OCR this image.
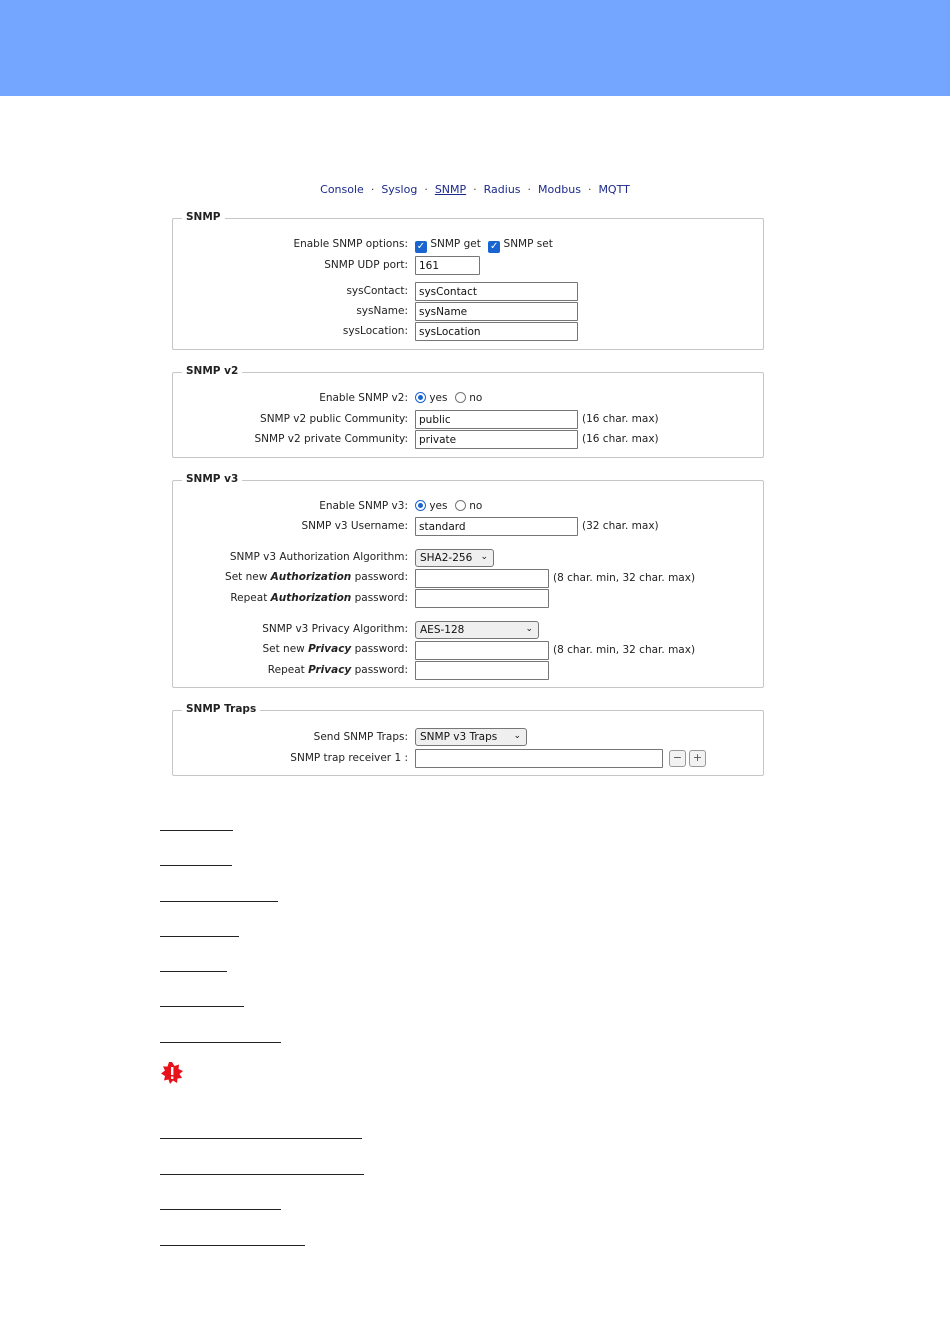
Console · Syslog · SNMP · Radius · Modbus · MQTT
SNMP
Enable SNMP options: ✓ SNMP get ✓ SNMP set
SNMP UDP port:	161
sysContact:	sysContact
sysName:	sysName
sysLocation:	sysLocation
SNMP v2
Enable SNMP v2:	yes no
SNMP v2 public Community:	public	(16 char. max)
SNMP v2 private Community:	private	(16 char. max)
SNMP v3
Enable SNMP v3:	yes no
SNMP v3 Username:	standard	(32 char. max)
SNMP v3 Authorization Algorithm:	SHA2-256 ⌄
Set new Authorization password:	(8 char. min, 32 char. max)
Repeat Authorization password:
SNMP v3 Privacy Algorithm:	AES-128	⌄
Set new Privacy password:	(8 char. min, 32 char. max)
Repeat Privacy password:
SNMP Traps
Send SNMP Traps:	SNMP v3 Traps ⌄
SNMP trap receiver 1 :	− +
